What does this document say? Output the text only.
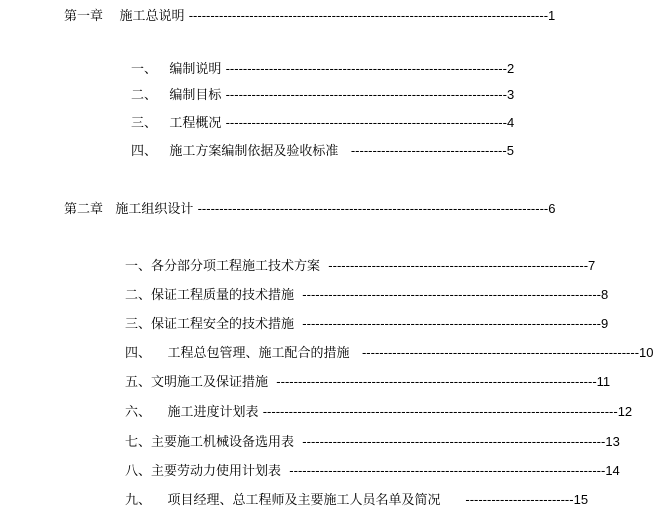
第一章 施工总说明 -----------------------------------------------------------------------------------1
一、 编制说明 -----------------------------------------------------------------2
二、 编制目标 -----------------------------------------------------------------3
三、 工程概况 -----------------------------------------------------------------4
四、 施工方案编制依据及验收标准 ------------------------------------5
第二章 施工组织设计 ---------------------------------------------------------------------------------6
一、各分部分项工程施工技术方案 ------------------------------------------------------------7
二、保证工程质量的技术措施 ---------------------------------------------------------------------8
三、保证工程安全的技术措施 ---------------------------------------------------------------------9
四、 工程总包管理、施工配合的措施 ----------------------------------------------------------------10
五、文明施工及保证措施 --------------------------------------------------------------------------11
六、 施工进度计划表 ----------------------------------------------------------------------------------12
七、主要施工机械设备选用表 ----------------------------------------------------------------------13
八、主要劳动力使用计划表 -------------------------------------------------------------------------14
九、 项目经理、总工程师及主要施工人员名单及简况 -------------------------15
